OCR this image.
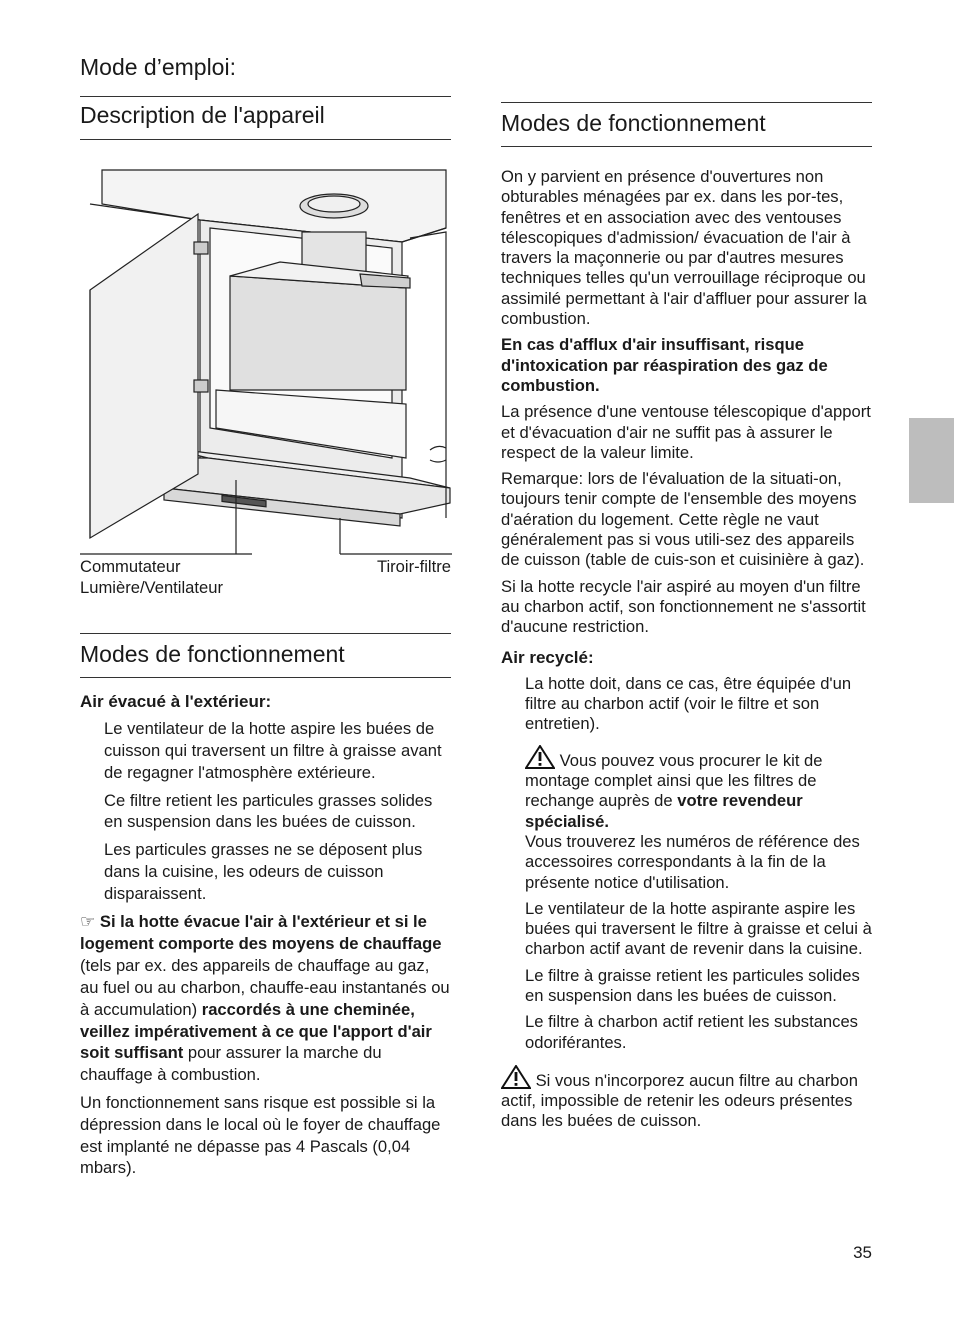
Mode d’emploi:
Description de l'appareil
Commutateur
Lumière/Ventilateur
Tiroir-filtre
Modes de fonctionnement
Air évacué à l'extérieur:

Le ventilateur de la hotte aspire les buées de cuisson qui traversent un filtre à graisse avant de regagner l'atmosphère extérieure.

Ce filtre retient les particules grasses solides en suspension dans les buées de cuisson.

Les particules grasses ne se déposent plus dans la cuisine, les odeurs de cuisson disparaissent.

☞ Si la hotte évacue l'air à l'extérieur et si le logement comporte des moyens de chauffage (tels par ex. des appareils de chauffage au gaz, au fuel ou au charbon, chauffe-eau instantanés ou à accumulation) raccordés à une cheminée, veillez impérativement à ce que l'apport d'air soit suffisant pour assurer la marche du chauffage à combustion.

Un fonctionnement sans risque est possible si la dépression dans le local où le foyer de chauffage est implanté ne dépasse pas 4 Pascals (0,04 mbars).

Modes de fonctionnement

On y parvient en présence d'ouvertures non obturables ménagées par ex. dans les por-tes, fenêtres et en association avec des ventouses télescopiques d'admission/ évacuation de l'air à travers la maçonnerie ou par d'autres mesures techniques telles qu'un verrouillage réciproque ou assimilé permettant à l'air d'affluer pour assurer la combustion.

En cas d'afflux d'air insuffisant, risque d'intoxication par réaspiration des gaz de combustion.

La présence d'une ventouse télescopique d'apport et d'évacuation d'air ne suffit pas à assurer le respect de la valeur limite.

Remarque: lors de l'évaluation de la situati-on, toujours tenir compte de l'ensemble des moyens d'aération du logement. Cette règle ne vaut généralement pas si vous utili-sez des appareils de cuisson (table de cuis-son et cuisinière à gaz).

Si la hotte recycle l'air aspiré au moyen d'un filtre au charbon actif, son fonctionnement ne s'assortit d'aucune restriction.

Air recyclé:

La hotte doit, dans ce cas, être équipée d'un filtre au charbon actif (voir le filtre et son entretien).

Vous pouvez vous procurer le kit de montage complet ainsi que les filtres de rechange auprès de votre revendeur spécialisé.
Vous trouverez les numéros de référence des accessoires correspondants à la fin de la présente notice d'utilisation.

Le ventilateur de la hotte aspirante aspire les buées qui traversent le filtre à graisse et celui à charbon actif avant de revenir dans la cuisine.

Le filtre à graisse retient les particules solides en suspension dans les buées de cuisson.

Le filtre à charbon actif retient les substances odoriférantes.

Si vous n'incorporez aucun filtre au charbon actif, impossible de retenir les odeurs présentes dans les buées de cuisson.

35
